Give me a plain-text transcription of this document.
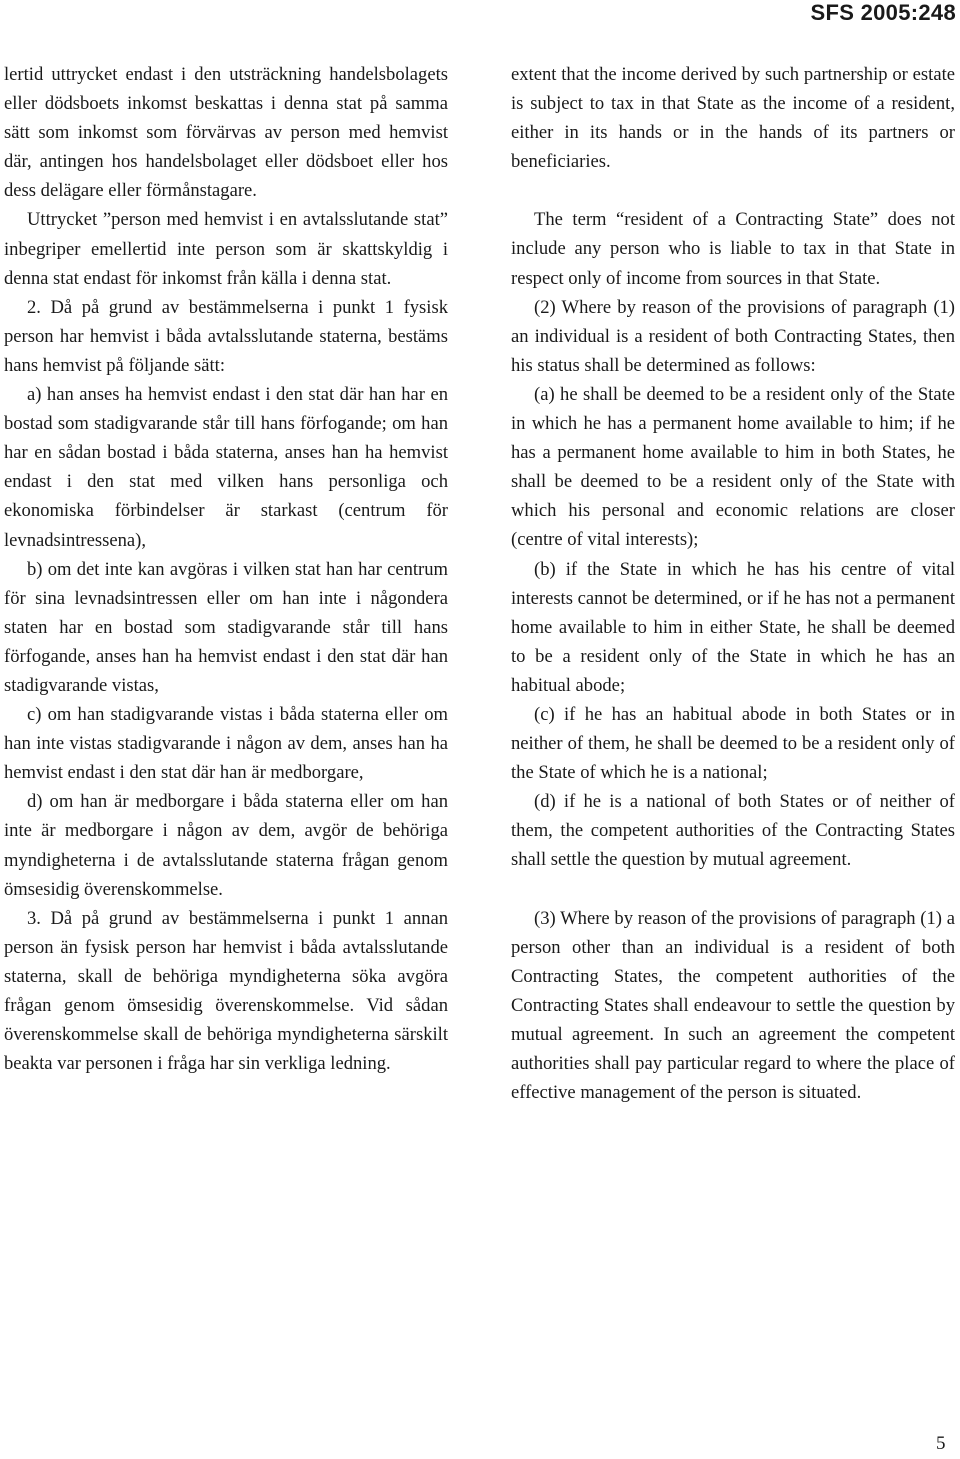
SFS 2005:248

lertid uttrycket endast i den utsträckning handelsbolagets eller dödsboets inkomst beskattas i denna stat på samma sätt som inkomst som förvärvas av person med hemvist där, antingen hos handelsbolaget eller dödsboet eller hos dess delägare eller förmånstagare.

Uttrycket ”person med hemvist i en avtalsslutande stat” inbegriper emellertid inte person som är skattskyldig i denna stat endast för inkomst från källa i denna stat.

2. Då på grund av bestämmelserna i punkt 1 fysisk person har hemvist i båda avtalsslutande staterna, bestäms hans hemvist på följande sätt:

a) han anses ha hemvist endast i den stat där han har en bostad som stadigvarande står till hans förfogande; om han har en sådan bostad i båda staterna, anses han ha hemvist endast i den stat med vilken hans personliga och ekonomiska förbindelser är starkast (centrum för levnadsintressena),

b) om det inte kan avgöras i vilken stat han har centrum för sina levnadsintressen eller om han inte i någondera staten har en bostad som stadigvarande står till hans förfogande, anses han ha hemvist endast i den stat där han stadigvarande vistas,

c) om han stadigvarande vistas i båda staterna eller om han inte vistas stadigvarande i någon av dem, anses han ha hemvist endast i den stat där han är medborgare,

d) om han är medborgare i båda staterna eller om han inte är medborgare i någon av dem, avgör de behöriga myndigheterna i de avtalsslutande staterna frågan genom ömsesidig överenskommelse.

3. Då på grund av bestämmelserna i punkt 1 annan person än fysisk person har hemvist i båda avtalsslutande staterna, skall de behöriga myndigheterna söka avgöra frågan genom ömsesidig överenskommelse. Vid sådan överenskommelse skall de behöriga myndigheterna särskilt beakta var personen i fråga har sin verkliga ledning.

extent that the income derived by such partnership or estate is subject to tax in that State as the income of a resident, either in its hands or in the hands of its partners or beneficiaries.

The term “resident of a Contracting State” does not include any person who is liable to tax in that State in respect only of income from sources in that State.

(2) Where by reason of the provisions of paragraph (1) an individual is a resident of both Contracting States, then his status shall be determined as follows:

(a) he shall be deemed to be a resident only of the State in which he has a permanent home available to him; if he has a permanent home available to him in both States, he shall be deemed to be a resident only of the State with which his personal and economic relations are closer (centre of vital interests);

(b) if the State in which he has his centre of vital interests cannot be determined, or if he has not a permanent home available to him in either State, he shall be deemed to be a resident only of the State in which he has an habitual abode;

(c) if he has an habitual abode in both States or in neither of them, he shall be deemed to be a resident only of the State of which he is a national;

(d) if he is a national of both States or of neither of them, the competent authorities of the Contracting States shall settle the question by mutual agreement.

(3) Where by reason of the provisions of paragraph (1) a person other than an individual is a resident of both Contracting States, the competent authorities of the Contracting States shall endeavour to settle the question by mutual agreement. In such an agreement the competent authorities shall pay particular regard to where the place of effective management of the person is situated.

5
